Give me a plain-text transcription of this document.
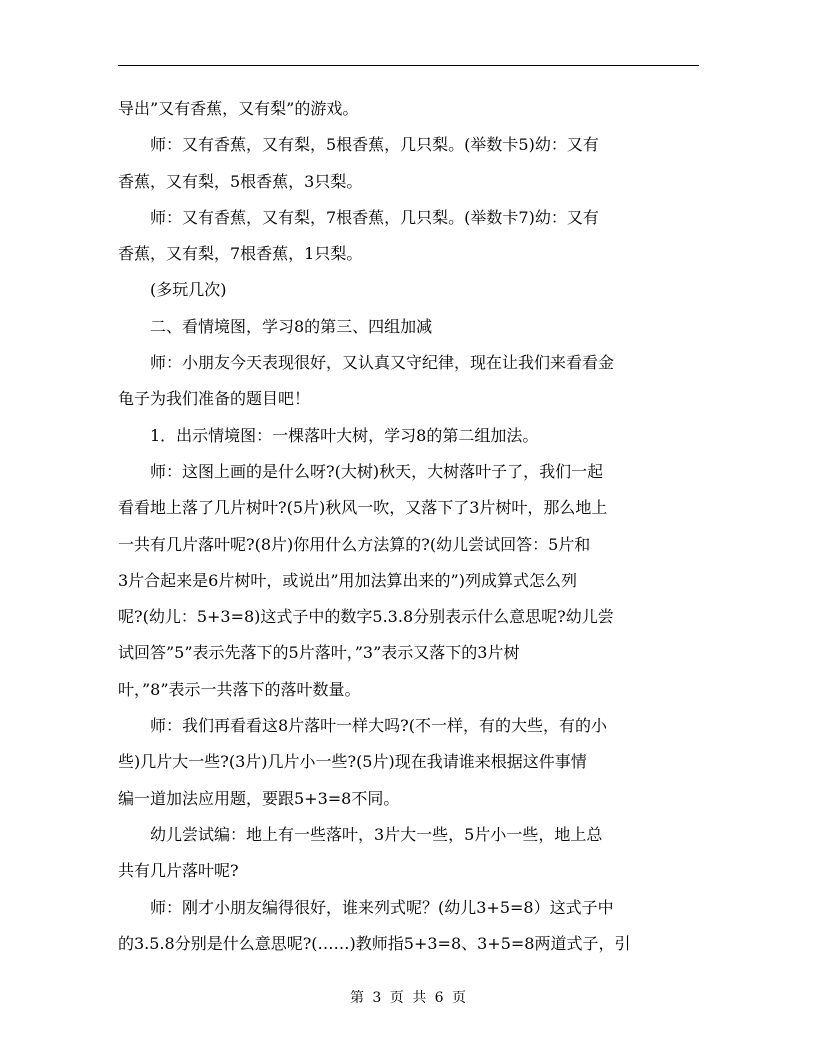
导出”又有香蕉，又有梨”的游戏。
师：又有香蕉，又有梨，5根香蕉，几只梨。(举数卡5)幼：又有
香蕉，又有梨，5根香蕉，3只梨。
师：又有香蕉，又有梨，7根香蕉，几只梨。(举数卡7)幼：又有
香蕉，又有梨，7根香蕉，1只梨。
(多玩几次)
二、看情境图，学习8的第三、四组加减
师：小朋友今天表现很好，又认真又守纪律，现在让我们来看看金
龟子为我们准备的题目吧！
1．出示情境图：一棵落叶大树，学习8的第二组加法。
师：这图上画的是什么呀?(大树)秋天，大树落叶子了，我们一起
看看地上落了几片树叶?(5片)秋风一吹，又落下了3片树叶，那么地上
一共有几片落叶呢?(8片)你用什么方法算的?(幼儿尝试回答：5片和
3片合起来是6片树叶，或说出”用加法算出来的”)列成算式怎么列
呢?(幼儿：5+3=8)这式子中的数字5.3.8分别表示什么意思呢?幼儿尝
试回答”5”表示先落下的5片落叶，”3”表示又落下的3片树
叶，”8”表示一共落下的落叶数量。
师：我们再看看这8片落叶一样大吗?(不一样，有的大些，有的小
些)几片大一些?(3片)几片小一些?(5片)现在我请谁来根据这件事情
编一道加法应用题，要跟5+3=8不同。
幼儿尝试编：地上有一些落叶，3片大一些，5片小一些，地上总
共有几片落叶呢?
师：刚才小朋友编得很好，谁来列式呢？(幼儿3+5=8）这式子中
的3.5.8分别是什么意思呢?(……)教师指5+3=8、3+5=8两道式子，引
第 3 页 共 6 页
